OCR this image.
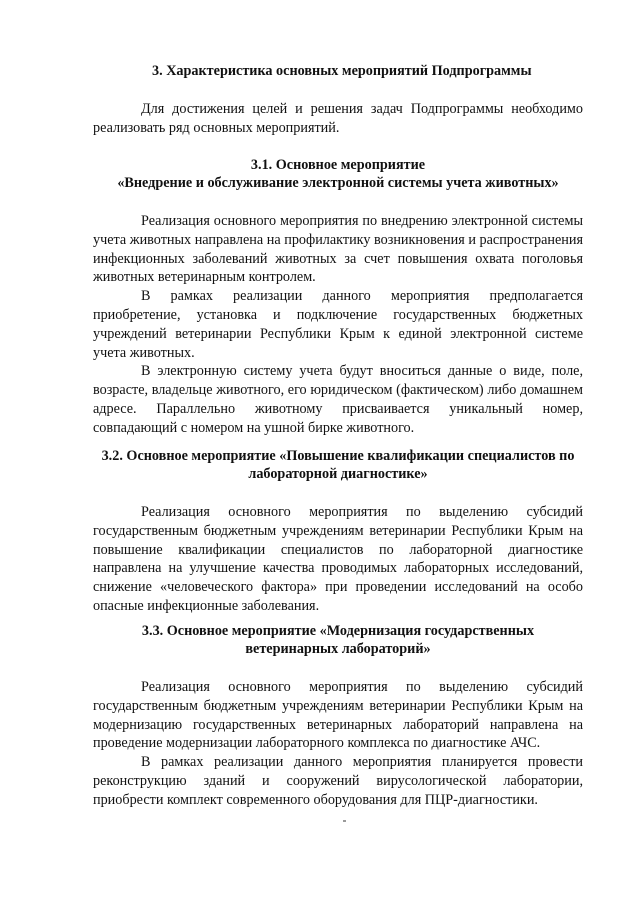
3. Характеристика основных мероприятий Подпрограммы

Для достижения целей и решения задач Подпрограммы необходимо реализовать ряд основных мероприятий.

3.1. Основное мероприятие
«Внедрение и обслуживание электронной системы учета животных»

Реализация основного мероприятия по внедрению электронной системы учета животных направлена на профилактику возникновения и распространения инфекционных заболеваний животных за счет повышения охвата поголовья животных ветеринарным контролем.

В рамках реализации данного мероприятия предполагается приобретение, установка и подключение государственных бюджетных учреждений ветеринарии Республики Крым к единой электронной системе учета животных.

В электронную систему учета будут вноситься данные о виде, поле, возрасте, владельце животного, его юридическом (фактическом) либо домашнем адресе. Параллельно животному присваивается уникальный номер, совпадающий с номером на ушной бирке животного.

3.2. Основное мероприятие «Повышение квалификации специалистов по
лабораторной диагностике»

Реализация основного мероприятия по выделению субсидий государственным бюджетным учреждениям ветеринарии Республики Крым на повышение квалификации специалистов по лабораторной диагностике направлена на улучшение качества проводимых лабораторных исследований, снижение «человеческого фактора» при проведении исследований на особо опасные инфекционные заболевания.

3.3. Основное мероприятие «Модернизация государственных
ветеринарных лабораторий»

Реализация основного мероприятия по выделению субсидий государственным бюджетным учреждениям ветеринарии Республики Крым на модернизацию государственных ветеринарных лабораторий направлена на проведение модернизации лабораторного комплекса по диагностике АЧС.

В рамках реализации данного мероприятия планируется провести реконструкцию зданий и сооружений вирусологической лаборатории, приобрести комплект современного оборудования для ПЦР-диагностики.
